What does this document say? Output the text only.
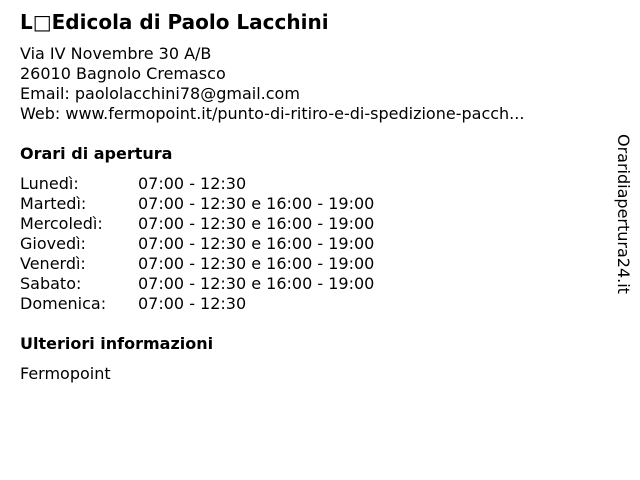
L□Edicola di Paolo Lacchini
Via IV Novembre 30 A/B
26010 Bagnolo Cremasco
Email: paololacchini78@gmail.com
Web: www.fermopoint.it/punto-di-ritiro-e-di-spedizione-pacch...
Orari di apertura
Lunedì:	07:00 - 12:30
Martedì:	07:00 - 12:30 e 16:00 - 19:00
Mercoledì: 07:00 - 12:30 e 16:00 - 19:00
Giovedì:	07:00 - 12:30 e 16:00 - 19:00
Venerdì:	07:00 - 12:30 e 16:00 - 19:00
Sabato:	07:00 - 12:30 e 16:00 - 19:00
Domenica: 07:00 - 12:30
Ulteriori informazioni
Fermopoint
Oraridiapertura24.it
